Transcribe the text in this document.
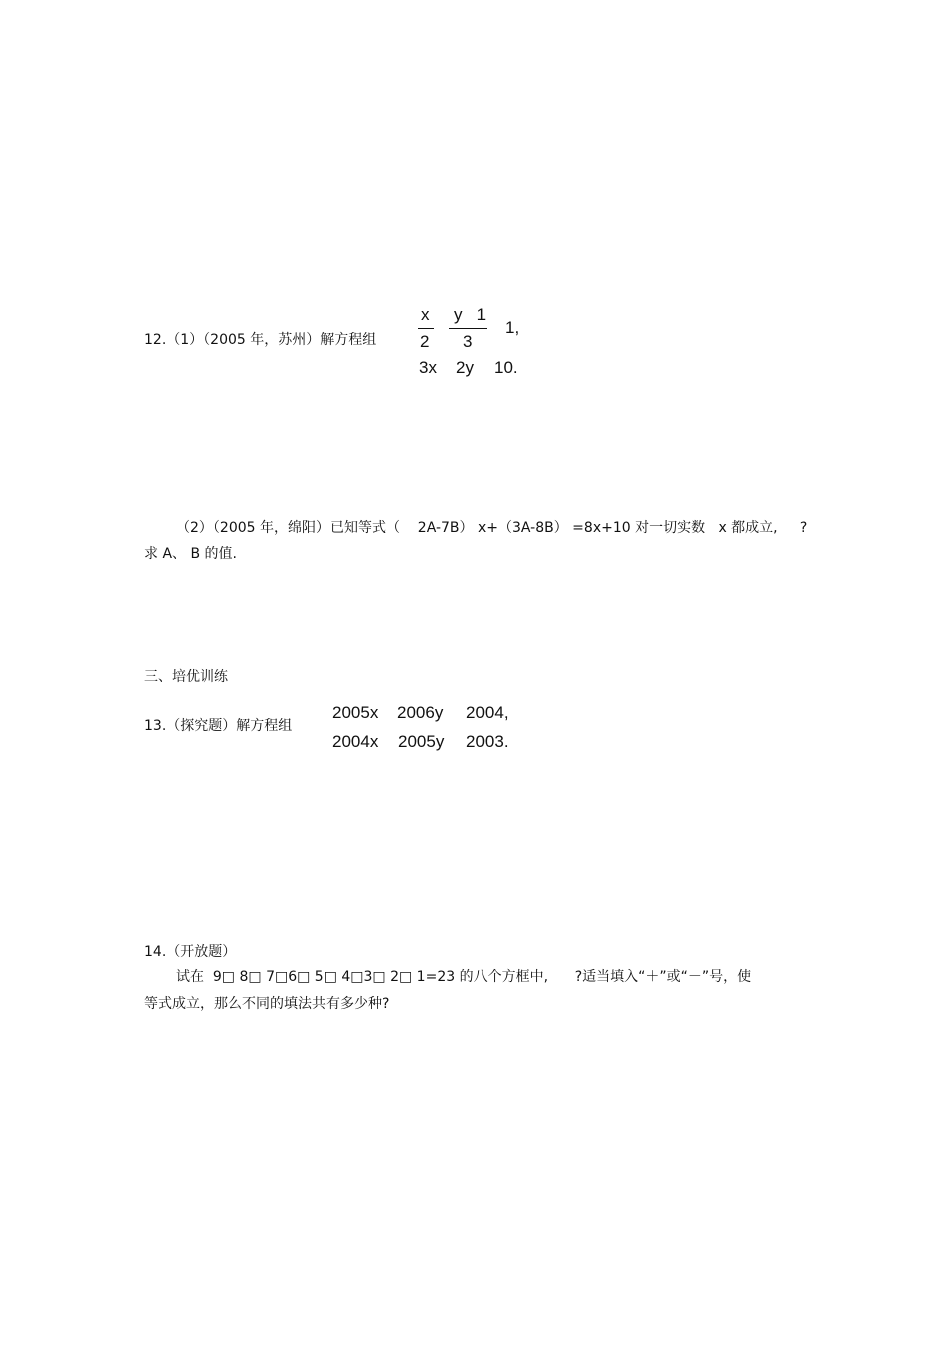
12.（1）（2005 年，苏州）解方程组
x
2
y   1
3
1,
3x 2y 10.
（2）（2005 年，绵阳）已知等式（    2A-7B） x+（3A-8B） =8x+10 对一切实数   x 都成立,     ?
求 A、 B 的值.
三、培优训练
13.（探究题）解方程组
2005x 2006y 2004,
2004x 2005y 2003.
14.（开放题）
试在  9□ 8□ 7□6□ 5□ 4□3□ 2□ 1=23 的八个方框中,      ?适当填入“＋”或“－”号，使
等式成立，那么不同的填法共有多少种?
